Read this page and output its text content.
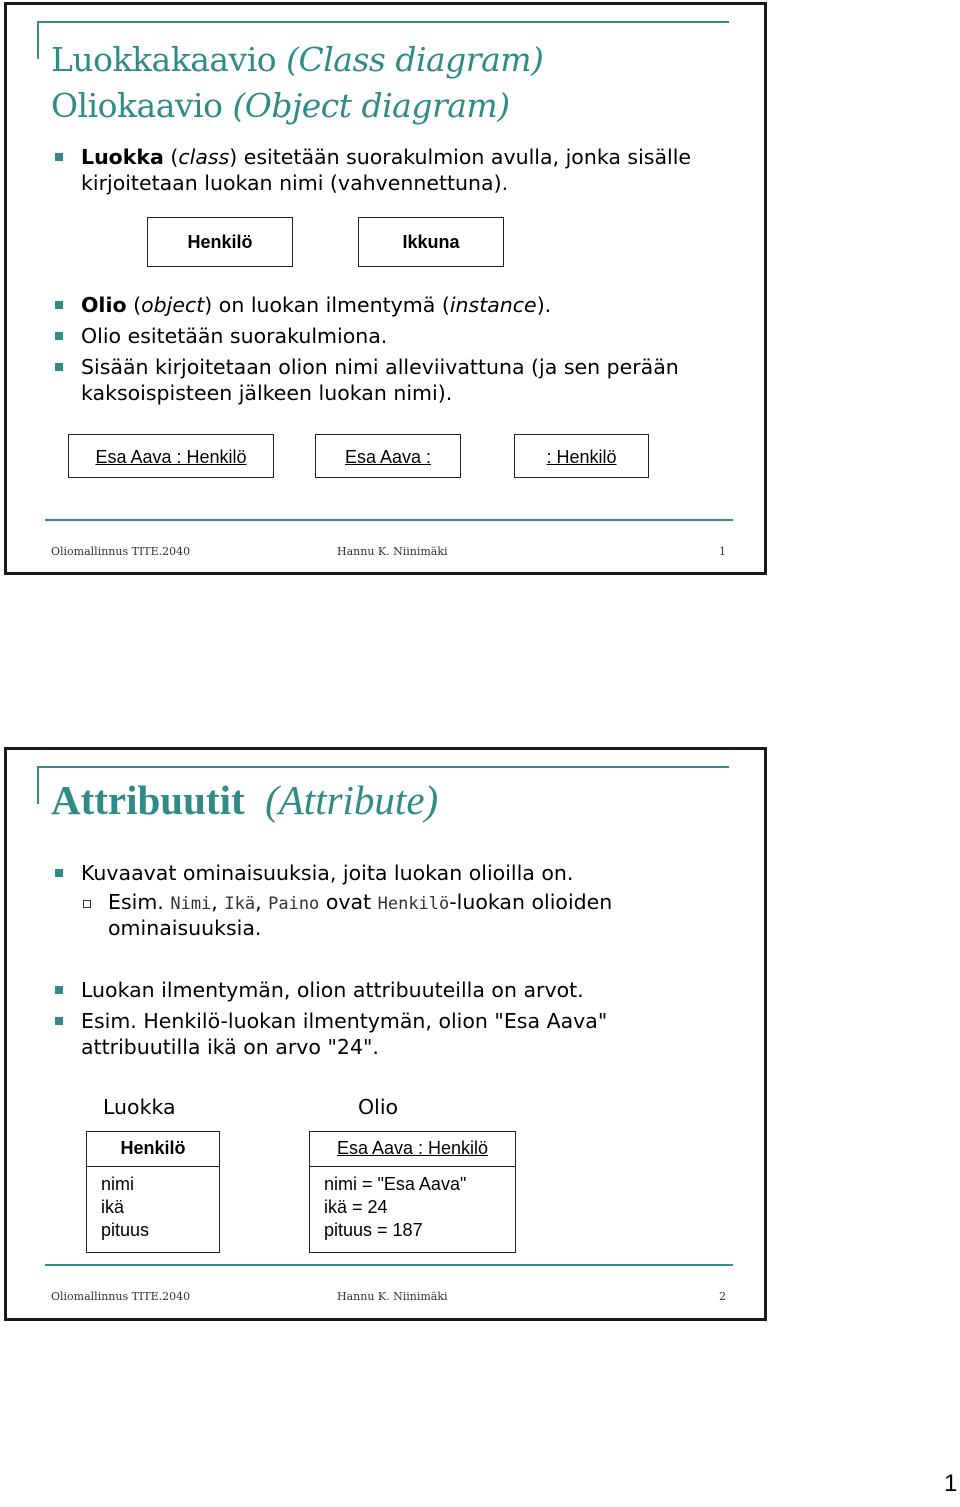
Luokkakaavio (Class diagram)
Oliokaavio (Object diagram)
Luokka (class) esitetään suorakulmion avulla, jonka sisälle
kirjoitetaan luokan nimi (vahvennettuna).
Henkilö	Ikkuna
Olio (object) on luokan ilmentymä (instance).
Olio esitetään suorakulmiona.
Sisään kirjoitetaan olion nimi alleviivattuna (ja sen perään
kaksoispisteen jälkeen luokan nimi).
Esa Aava : Henkilö	Esa Aava :	: Henkilö
Oliomallinnus TITE.2040	Hannu K. Niinimäki	1
Attribuutit (Attribute)
Kuvaavat ominaisuuksia, joita luokan olioilla on.
Esim. Nimi, Ikä, Paino ovat Henkilö-luokan olioiden
ominaisuuksia.
Luokan ilmentymän, olion attribuuteilla on arvot.
Esim. Henkilö-luokan ilmentymän, olion "Esa Aava"
attribuutilla ikä on arvo "24".
Luokka	Olio
Henkilö
nimi
ikä
pituus
Esa Aava : Henkilö
nimi = "Esa Aava"
ikä = 24
pituus = 187
Oliomallinnus TITE.2040	Hannu K. Niinimäki	2
1
